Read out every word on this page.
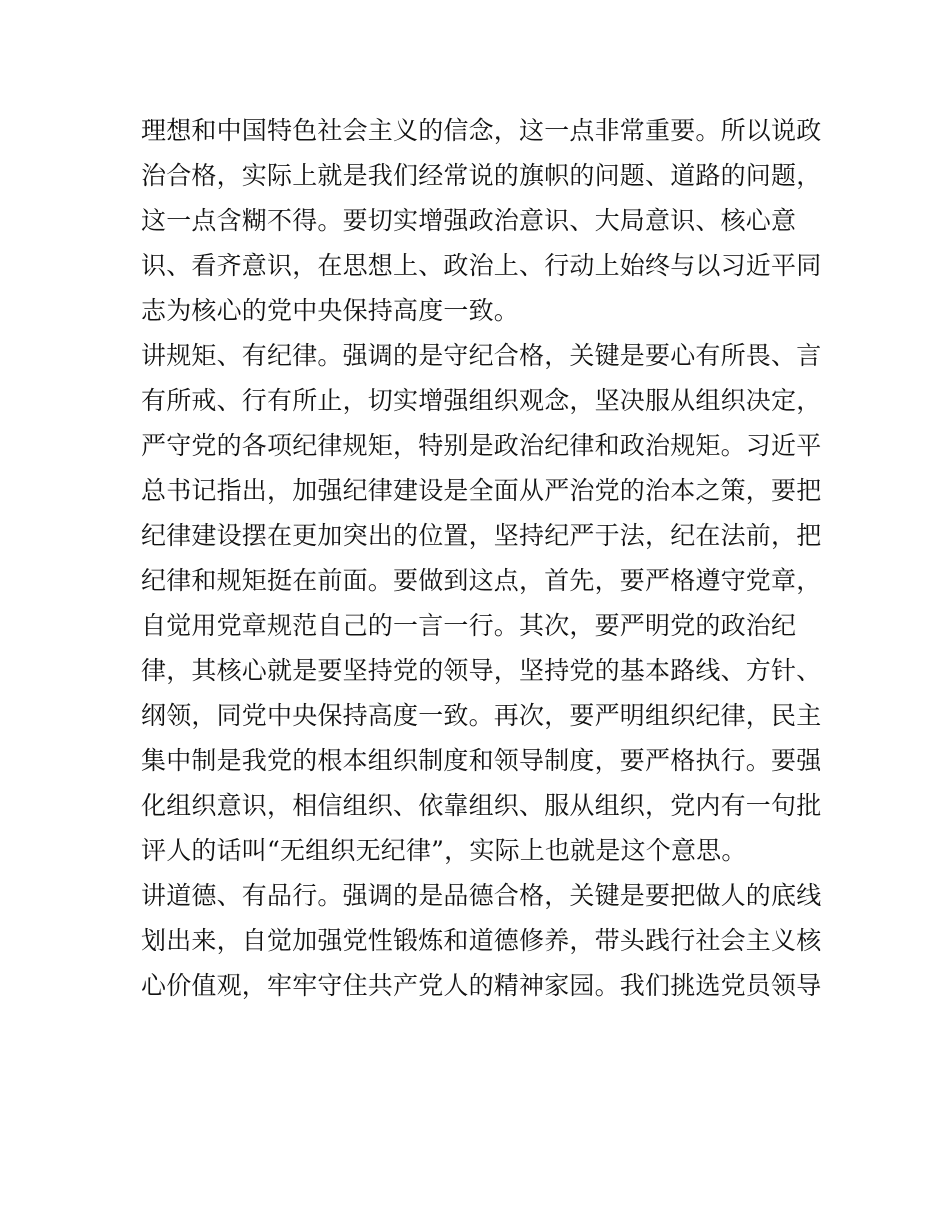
理想和中国特色社会主义的信念，这一点非常重要。所以说政
治合格，实际上就是我们经常说的旗帜的问题、道路的问题，
这一点含糊不得。要切实增强政治意识、大局意识、核心意
识、看齐意识，在思想上、政治上、行动上始终与以习近平同
志为核心的党中央保持高度一致。
讲规矩、有纪律。强调的是守纪合格，关键是要心有所畏、言
有所戒、行有所止，切实增强组织观念，坚决服从组织决定，
严守党的各项纪律规矩，特别是政治纪律和政治规矩。习近平
总书记指出，加强纪律建设是全面从严治党的治本之策，要把
纪律建设摆在更加突出的位置，坚持纪严于法，纪在法前，把
纪律和规矩挺在前面。要做到这点，首先，要严格遵守党章，
自觉用党章规范自己的一言一行。其次，要严明党的政治纪
律，其核心就是要坚持党的领导，坚持党的基本路线、方针、
纲领，同党中央保持高度一致。再次，要严明组织纪律，民主
集中制是我党的根本组织制度和领导制度，要严格执行。要强
化组织意识，相信组织、依靠组织、服从组织，党内有一句批
评人的话叫“无组织无纪律”，实际上也就是这个意思。
讲道德、有品行。强调的是品德合格，关键是要把做人的底线
划出来，自觉加强党性锻炼和道德修养，带头践行社会主义核
心价值观，牢牢守住共产党人的精神家园。我们挑选党员领导
